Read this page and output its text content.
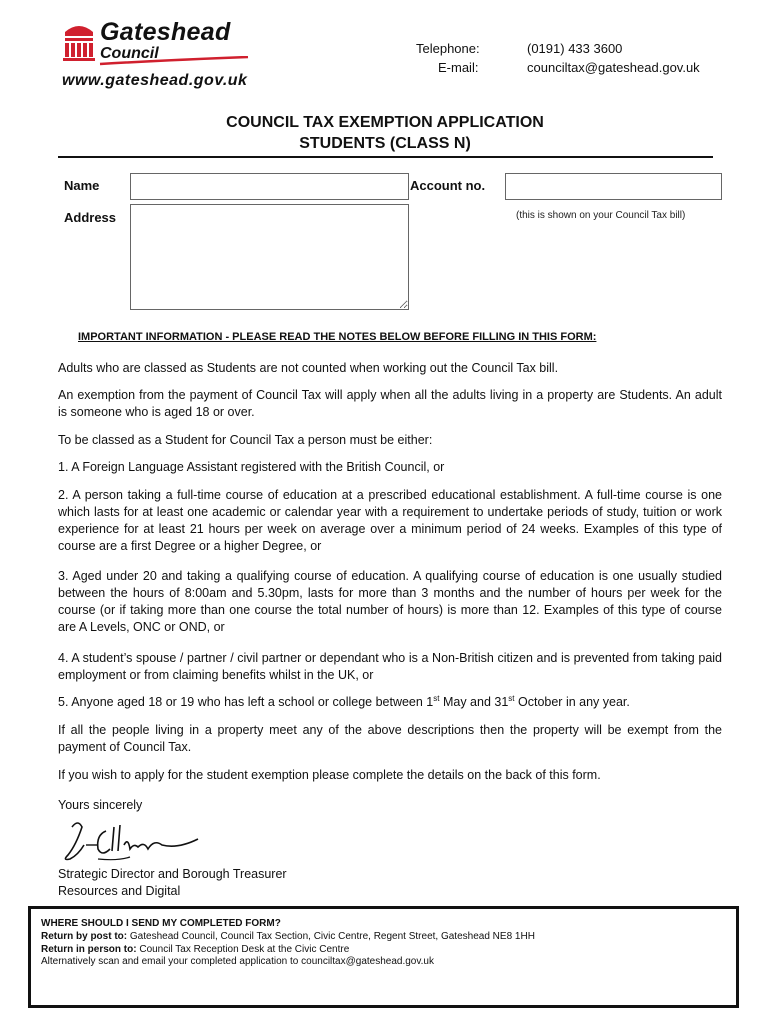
Gateshead
Council
www.gateshead.gov.uk
Telephone:	(0191) 433 3600
E-mail:	counciltax@gateshead.gov.uk
COUNCIL TAX EXEMPTION APPLICATION
STUDENTS (CLASS N)
Name	Account no.
Address	(this is shown on your Council Tax bill)
IMPORTANT INFORMATION - PLEASE READ THE NOTES BELOW BEFORE FILLING IN THIS FORM:
Adults who are classed as Students are not counted when working out the Council Tax bill.
An exemption from the payment of Council Tax will apply when all the adults living in a property are Students. An adult is someone who is aged 18 or over.
To be classed as a Student for Council Tax a person must be either:
1. A Foreign Language Assistant registered with the British Council, or
2. A person taking a full-time course of education at a prescribed educational establishment. A full-time course is one which lasts for at least one academic or calendar year with a requirement to undertake periods of study, tuition or work experience for at least 21 hours per week on average over a minimum period of 24 weeks. Examples of this type of course are a first Degree or a higher Degree, or
3. Aged under 20 and taking a qualifying course of education. A qualifying course of education is one usually studied between the hours of 8:00am and 5.30pm, lasts for more than 3 months and the number of hours per week for the course (or if taking more than one course the total number of hours) is more than 12. Examples of this type of course are A Levels, ONC or OND, or
4. A student’s spouse / partner / civil partner or dependant who is a Non-British citizen and is prevented from taking paid employment or from claiming benefits whilst in the UK, or
5. Anyone aged 18 or 19 who has left a school or college between 1st May and 31st October in any year.
If all the people living in a property meet any of the above descriptions then the property will be exempt from the payment of Council Tax.
If you wish to apply for the student exemption please complete the details on the back of this form.
Yours sincerely
Strategic Director and Borough Treasurer
Resources and Digital
WHERE SHOULD I SEND MY COMPLETED FORM?
Return by post to: Gateshead Council, Council Tax Section, Civic Centre, Regent Street, Gateshead NE8 1HH
Return in person to: Council Tax Reception Desk at the Civic Centre
Alternatively scan and email your completed application to counciltax@gateshead.gov.uk
